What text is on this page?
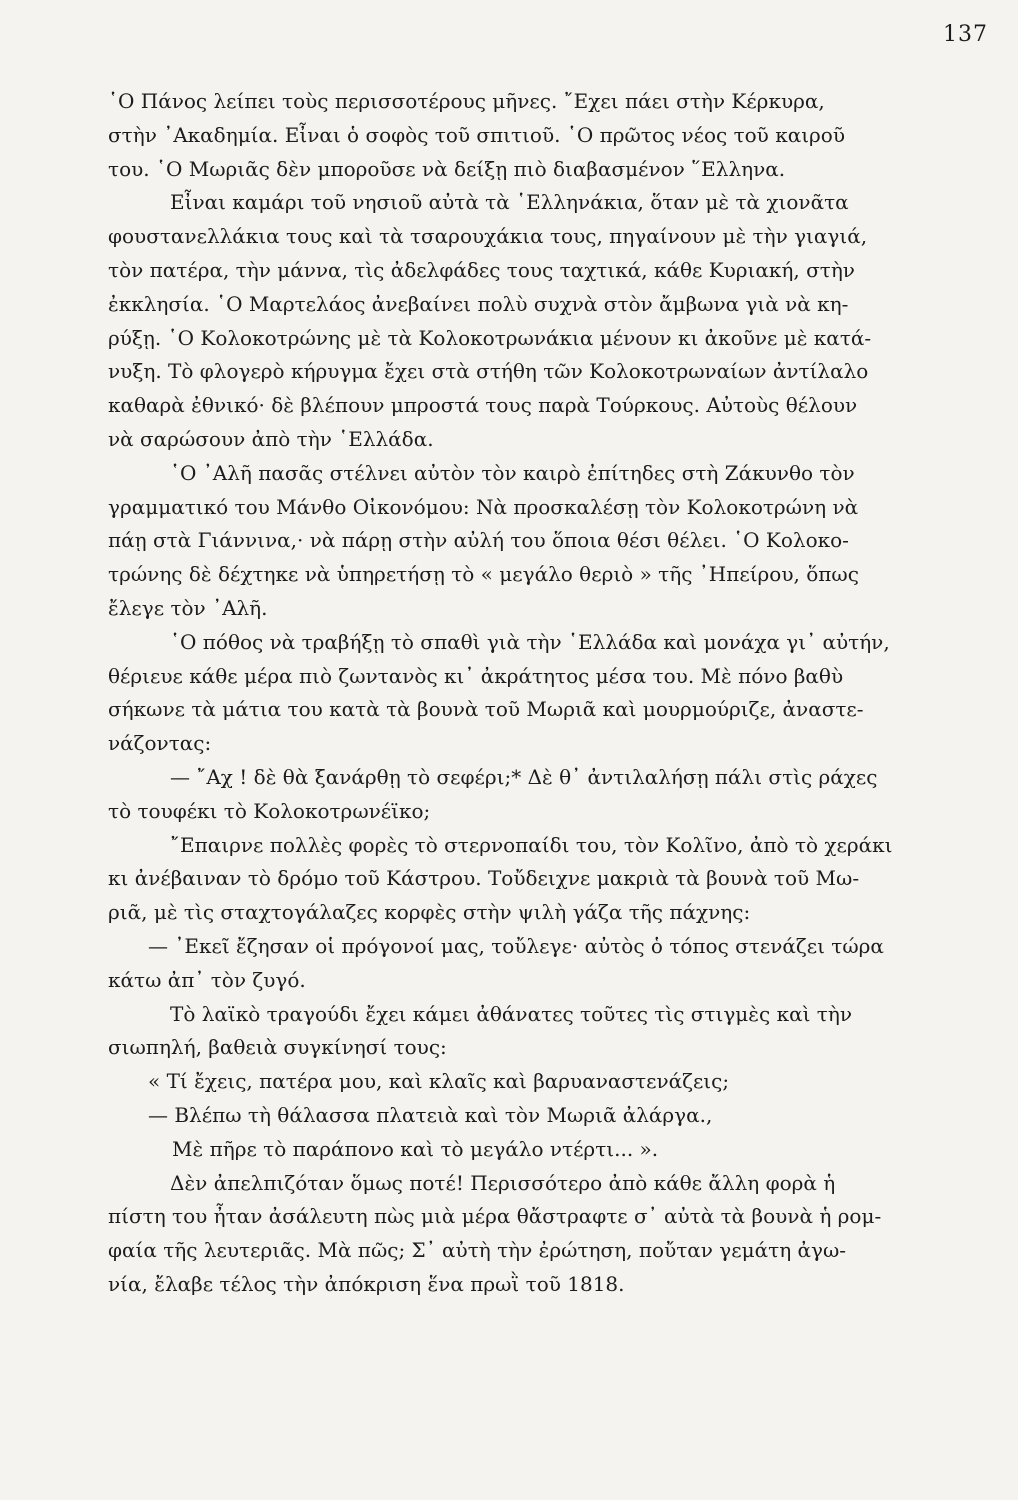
137
῾Ο Πάνος λείπει τοὺς περισσοτέρους μῆνες. ῎Εχει πάει στὴν Κέρκυρα,
στὴν ᾿Ακαδημία. Εἶναι ὁ σοφὸς τοῦ σπιτιοῦ. ῾Ο πρῶτος νέος τοῦ καιροῦ
του. ῾Ο Μωριᾶς δὲν μποροῦσε νὰ δείξῃ πιὸ διαβασμένον ῞Ελληνα.
Εἶναι καμάρι τοῦ νησιοῦ αὐτὰ τὰ ῾Ελληνάκια, ὅταν μὲ τὰ χιονᾶτα
φουστανελλάκια τους καὶ τὰ τσαρουχάκια τους, πηγαίνουν μὲ τὴν γιαγιά,
τὸν πατέρα, τὴν μάννα, τὶς ἀδελφάδες τους ταχτικά, κάθε Κυριακή, στὴν
ἐκκλησία. ῾Ο Μαρτελάος ἀνεβαίνει πολὺ συχνὰ στὸν ἄμβωνα γιὰ νὰ κη-
ρύξῃ. ῾Ο Κολοκοτρώνης μὲ τὰ Κολοκοτρωνάκια μένουν κι ἀκοῦνε μὲ κατά-
νυξη. Τὸ φλογερὸ κήρυγμα ἔχει στὰ στήθη τῶν Κολοκοτρωναίων ἀντίλαλο
καθαρὰ ἐθνικό· δὲ βλέπουν μπροστά τους παρὰ Τούρκους. Αὐτοὺς θέλουν
νὰ σαρώσουν ἀπὸ τὴν ῾Ελλάδα.
῾Ο ᾿Αλῆ πασᾶς στέλνει αὐτὸν τὸν καιρὸ ἐπίτηδες στὴ Ζάκυνθο τὸν
γραμματικό του Μάνθο Οἰκονόμου: Νὰ προσκαλέσῃ τὸν Κολοκοτρώνη νὰ
πάῃ στὰ Γιάννινα,· νὰ πάρῃ στὴν αὐλή του ὅποια θέσι θέλει. ῾Ο Κολοκο-
τρώνης δὲ δέχτηκε νὰ ὑπηρετήσῃ τὸ « μεγάλο θεριὸ » τῆς ᾿Ηπείρου, ὅπως
ἔλεγε τὸν ᾿Αλῆ.
῾Ο πόθος νὰ τραβήξῃ τὸ σπαθὶ γιὰ τὴν ῾Ελλάδα καὶ μονάχα γι᾿ αὐτήν,
θέριευε κάθε μέρα πιὸ ζωντανὸς κι᾿ ἀκράτητος μέσα του. Μὲ πόνο βαθὺ
σήκωνε τὰ μάτια του κατὰ τὰ βουνὰ τοῦ Μωριᾶ καὶ μουρμούριζε, ἀναστε-
νάζοντας:
— ῎Αχ ! δὲ θὰ ξανάρθῃ τὸ σεφέρι;* Δὲ θ᾿ ἀντιλαλήσῃ πάλι στὶς ράχες
τὸ τουφέκι τὸ Κολοκοτρωνέϊκο;
῎Επαιρνε πολλὲς φορὲς τὸ στερνοπαίδι του, τὸν Κολῖνο, ἀπὸ τὸ χεράκι
κι ἀνέβαιναν τὸ δρόμο τοῦ Κάστρου. Τοὔδειχνε μακριὰ τὰ βουνὰ τοῦ Μω-
ριᾶ, μὲ τὶς σταχτογάλαζες κορφὲς στὴν ψιλὴ γάζα τῆς πάχνης:
— ᾿Εκεῖ ἔζησαν οἱ πρόγονοί μας, τοὔλεγε· αὐτὸς ὁ τόπος στενάζει τώρα
κάτω ἀπ᾿ τὸν ζυγό.
Τὸ λαϊκὸ τραγούδι ἔχει κάμει ἀθάνατες τοῦτες τὶς στιγμὲς καὶ τὴν
σιωπηλή, βαθειὰ συγκίνησί τους:
« Τί ἔχεις, πατέρα μου, καὶ κλαῖς καὶ βαρυαναστενάζεις;
— Βλέπω τὴ θάλασσα πλατειὰ καὶ τὸν Μωριᾶ ἀλάργα.,
Μὲ πῆρε τὸ παράπονο καὶ τὸ μεγάλο ντέρτι... ».
Δὲν ἀπελπιζόταν ὅμως ποτέ! Περισσότερο ἀπὸ κάθε ἄλλη φορὰ ἡ
πίστη του ἦταν ἀσάλευτη πὼς μιὰ μέρα θἄστραφτε σ᾿ αὐτὰ τὰ βουνὰ ἡ ρομ-
φαία τῆς λευτεριᾶς. Μὰ πῶς; Σ᾿ αὐτὴ τὴν ἐρώτηση, ποὔταν γεμάτη ἀγω-
νία, ἔλαβε τέλος τὴν ἀπόκριση ἕνα πρωῒ τοῦ 1818.
